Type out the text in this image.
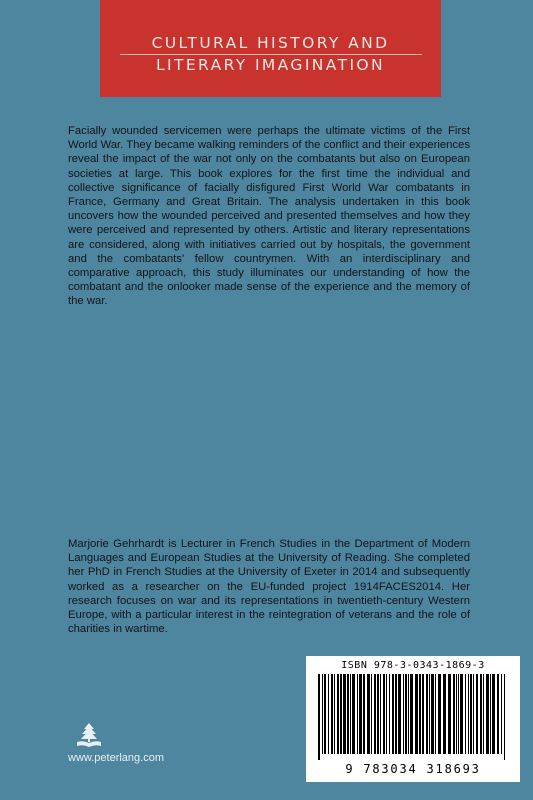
CULTURAL HISTORY AND
LITERARY IMAGINATION

Facially wounded servicemen were perhaps the ultimate victims of the First World War. They became walking reminders of the conflict and their experiences reveal the impact of the war not only on the combatants but also on European societies at large. This book explores for the first time the individual and collective significance of facially disfigured First World War combatants in France, Germany and Great Britain. The analysis undertaken in this book uncovers how the wounded perceived and presented themselves and how they were perceived and represented by others. Artistic and literary representations are considered, along with initiatives carried out by hospitals, the government and the combatants' fellow countrymen. With an interdisciplinary and comparative approach, this study illuminates our understanding of how the combatant and the onlooker made sense of the experience and the memory of the war.

Marjorie Gehrhardt is Lecturer in French Studies in the Department of Modern Languages and European Studies at the University of Reading. She completed her PhD in French Studies at the University of Exeter in 2014 and subsequently worked as a researcher on the EU-funded project 1914FACES2014. Her research focuses on war and its representations in twentieth-century Western Europe, with a particular interest in the reintegration of veterans and the role of charities in wartime.

ISBN 978-3-0343-1869-3
9 783034 318693
www.peterlang.com
